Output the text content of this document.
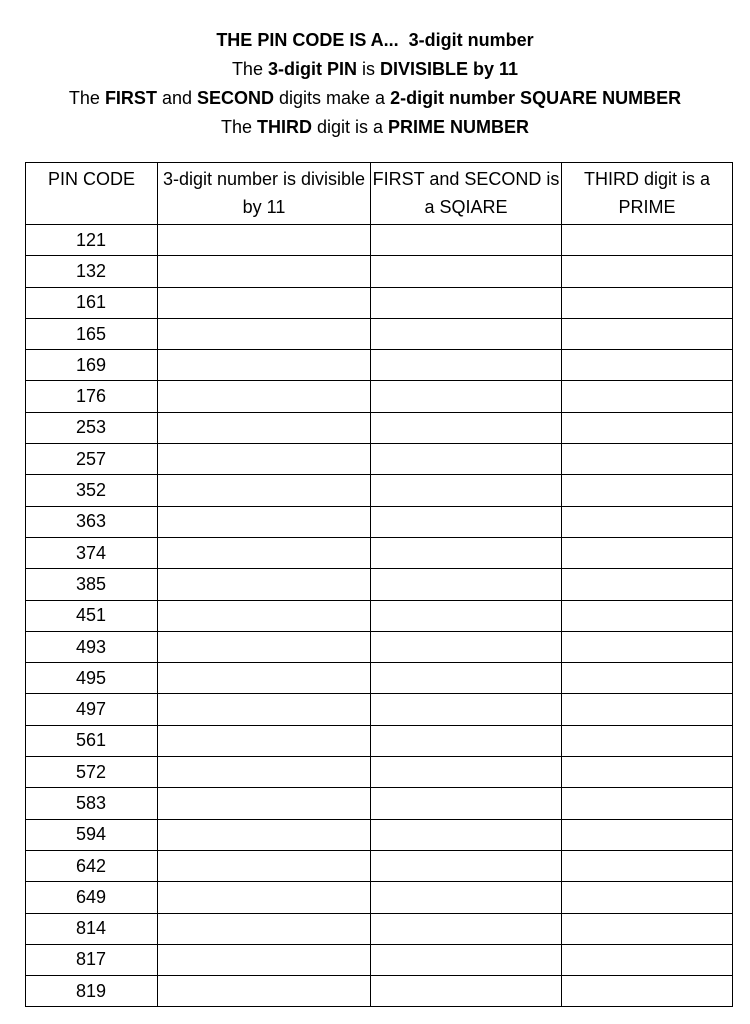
THE PIN CODE IS A...  3-digit number
The 3-digit PIN is DIVISIBLE by 11
The FIRST and SECOND digits make a 2-digit number SQUARE NUMBER
The THIRD digit is a PRIME NUMBER
PIN CODE	3-digit number is divisible by 11	FIRST and SECOND is a SQIARE	THIRD digit is a PRIME
121			
132			
161			
165			
169			
176			
253			
257			
352			
363			
374			
385			
451			
493			
495			
497			
561			
572			
583			
594			
642			
649			
814			
817			
819			
